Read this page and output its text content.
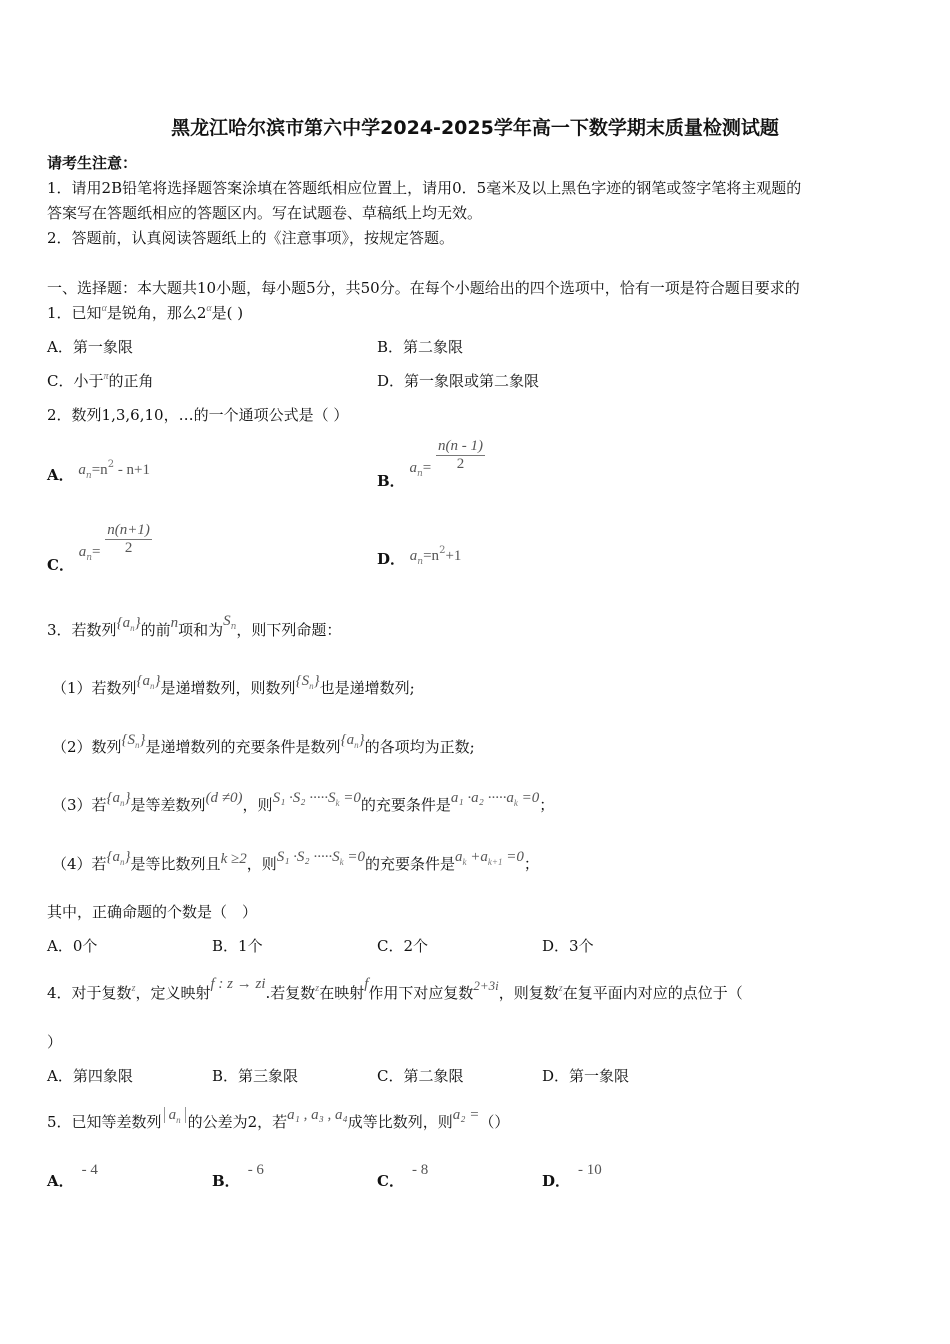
黑龙江哈尔滨市第六中学2024-2025学年高一下数学期末质量检测试题
请考生注意：
1．请用2B铅笔将选择题答案涂填在答题纸相应位置上，请用0．5毫米及以上黑色字迹的钢笔或签字笔将主观题的
答案写在答题纸相应的答题区内。写在试题卷、草稿纸上均无效。
2．答题前，认真阅读答题纸上的《注意事项》，按规定答题。
一、选择题：本大题共10小题，每小题5分，共50分。在每个小题给出的四个选项中，恰有一项是符合题目要求的
1．已知$^\alpha$是锐角，那么$2^\alpha$是( )
A．第一象限	B．第二象限
C．小于$^\pi$的正角	D．第一象限或第二象限
2．数列1,3,6,10，…的一个通项公式是（ ）
A． $a_n=n^2 - n+1$
B． $a_n= \frac{n(n - 1)}{2}$
C． $a_n= \frac{n(n+1)}{2}$
D． $a_n=n^2+1$
3．若数列$\{a_n\}$的前n项和为$S^n$，则下列命题：
（1）若数列$\{a_n\}$是递增数列，则数列$\{S_n\}$也是递增数列;
（2）数列$\{S_n\}$是递增数列的充要条件是数列$\{a_n\}$的各项均为正数;
（3）若$\{a_n\}$是等差数列(d ≠0)，则$S_1 \cdot S_2 \cdot\cdot\cdot\cdot\cdot S_k =0$的充要条件是$a_1 \cdot a_2 \cdot\cdot\cdot\cdot\cdot a_k =0$；
（4）若$\{a_n\}$是等比数列且k ≥2，则$S_1 \cdot S_2 \cdot\cdot\cdot\cdot\cdot S_k =0$的充要条件是$a_k +a_{k+1} =0$；
其中，正确命题的个数是（　）
A．0个	B．1个	C．2个	D．3个
4．对于复数$^z$，定义映射f : z → zi.若复数$^z$在映射f作用下对应复数2+3i，则复数$^z$在复平面内对应的点位于（
）
A．第四象限	B．第三象限	C．第二象限	D．第一象限
5．已知等差数列 $a_n$ 的公差为2，若a₁ , a₃ , a₄成等比数列，则a₂ =（）
A．- 4
B．- 6
C．- 8
D．- 10
